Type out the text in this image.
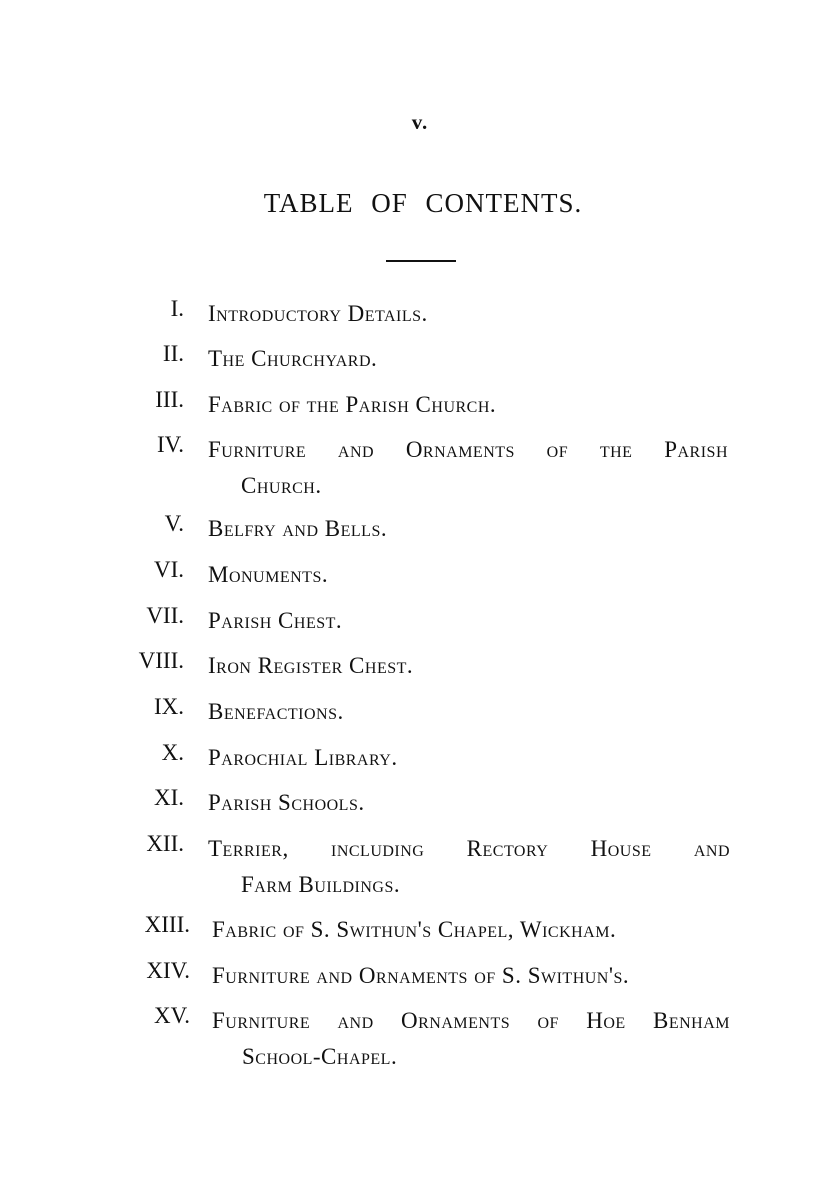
v.
TABLE OF CONTENTS.
I. Introductory Details.
II. The Churchyard.
III. Fabric of the Parish Church.
IV. Furniture and Ornaments of the Parish
Church.
V. Belfry and Bells.
VI. Monuments.
VII. Parish Chest.
VIII. Iron Register Chest.
IX. Benefactions.
X. Parochial Library.
XI. Parish Schools.
XII. Terrier, including Rectory House and
Farm Buildings.
XIII. Fabric of S. Swithun's Chapel, Wickham.
XIV. Furniture and Ornaments of S. Swithun's.
XV. Furniture and Ornaments of Hoe Benham
School-Chapel.
